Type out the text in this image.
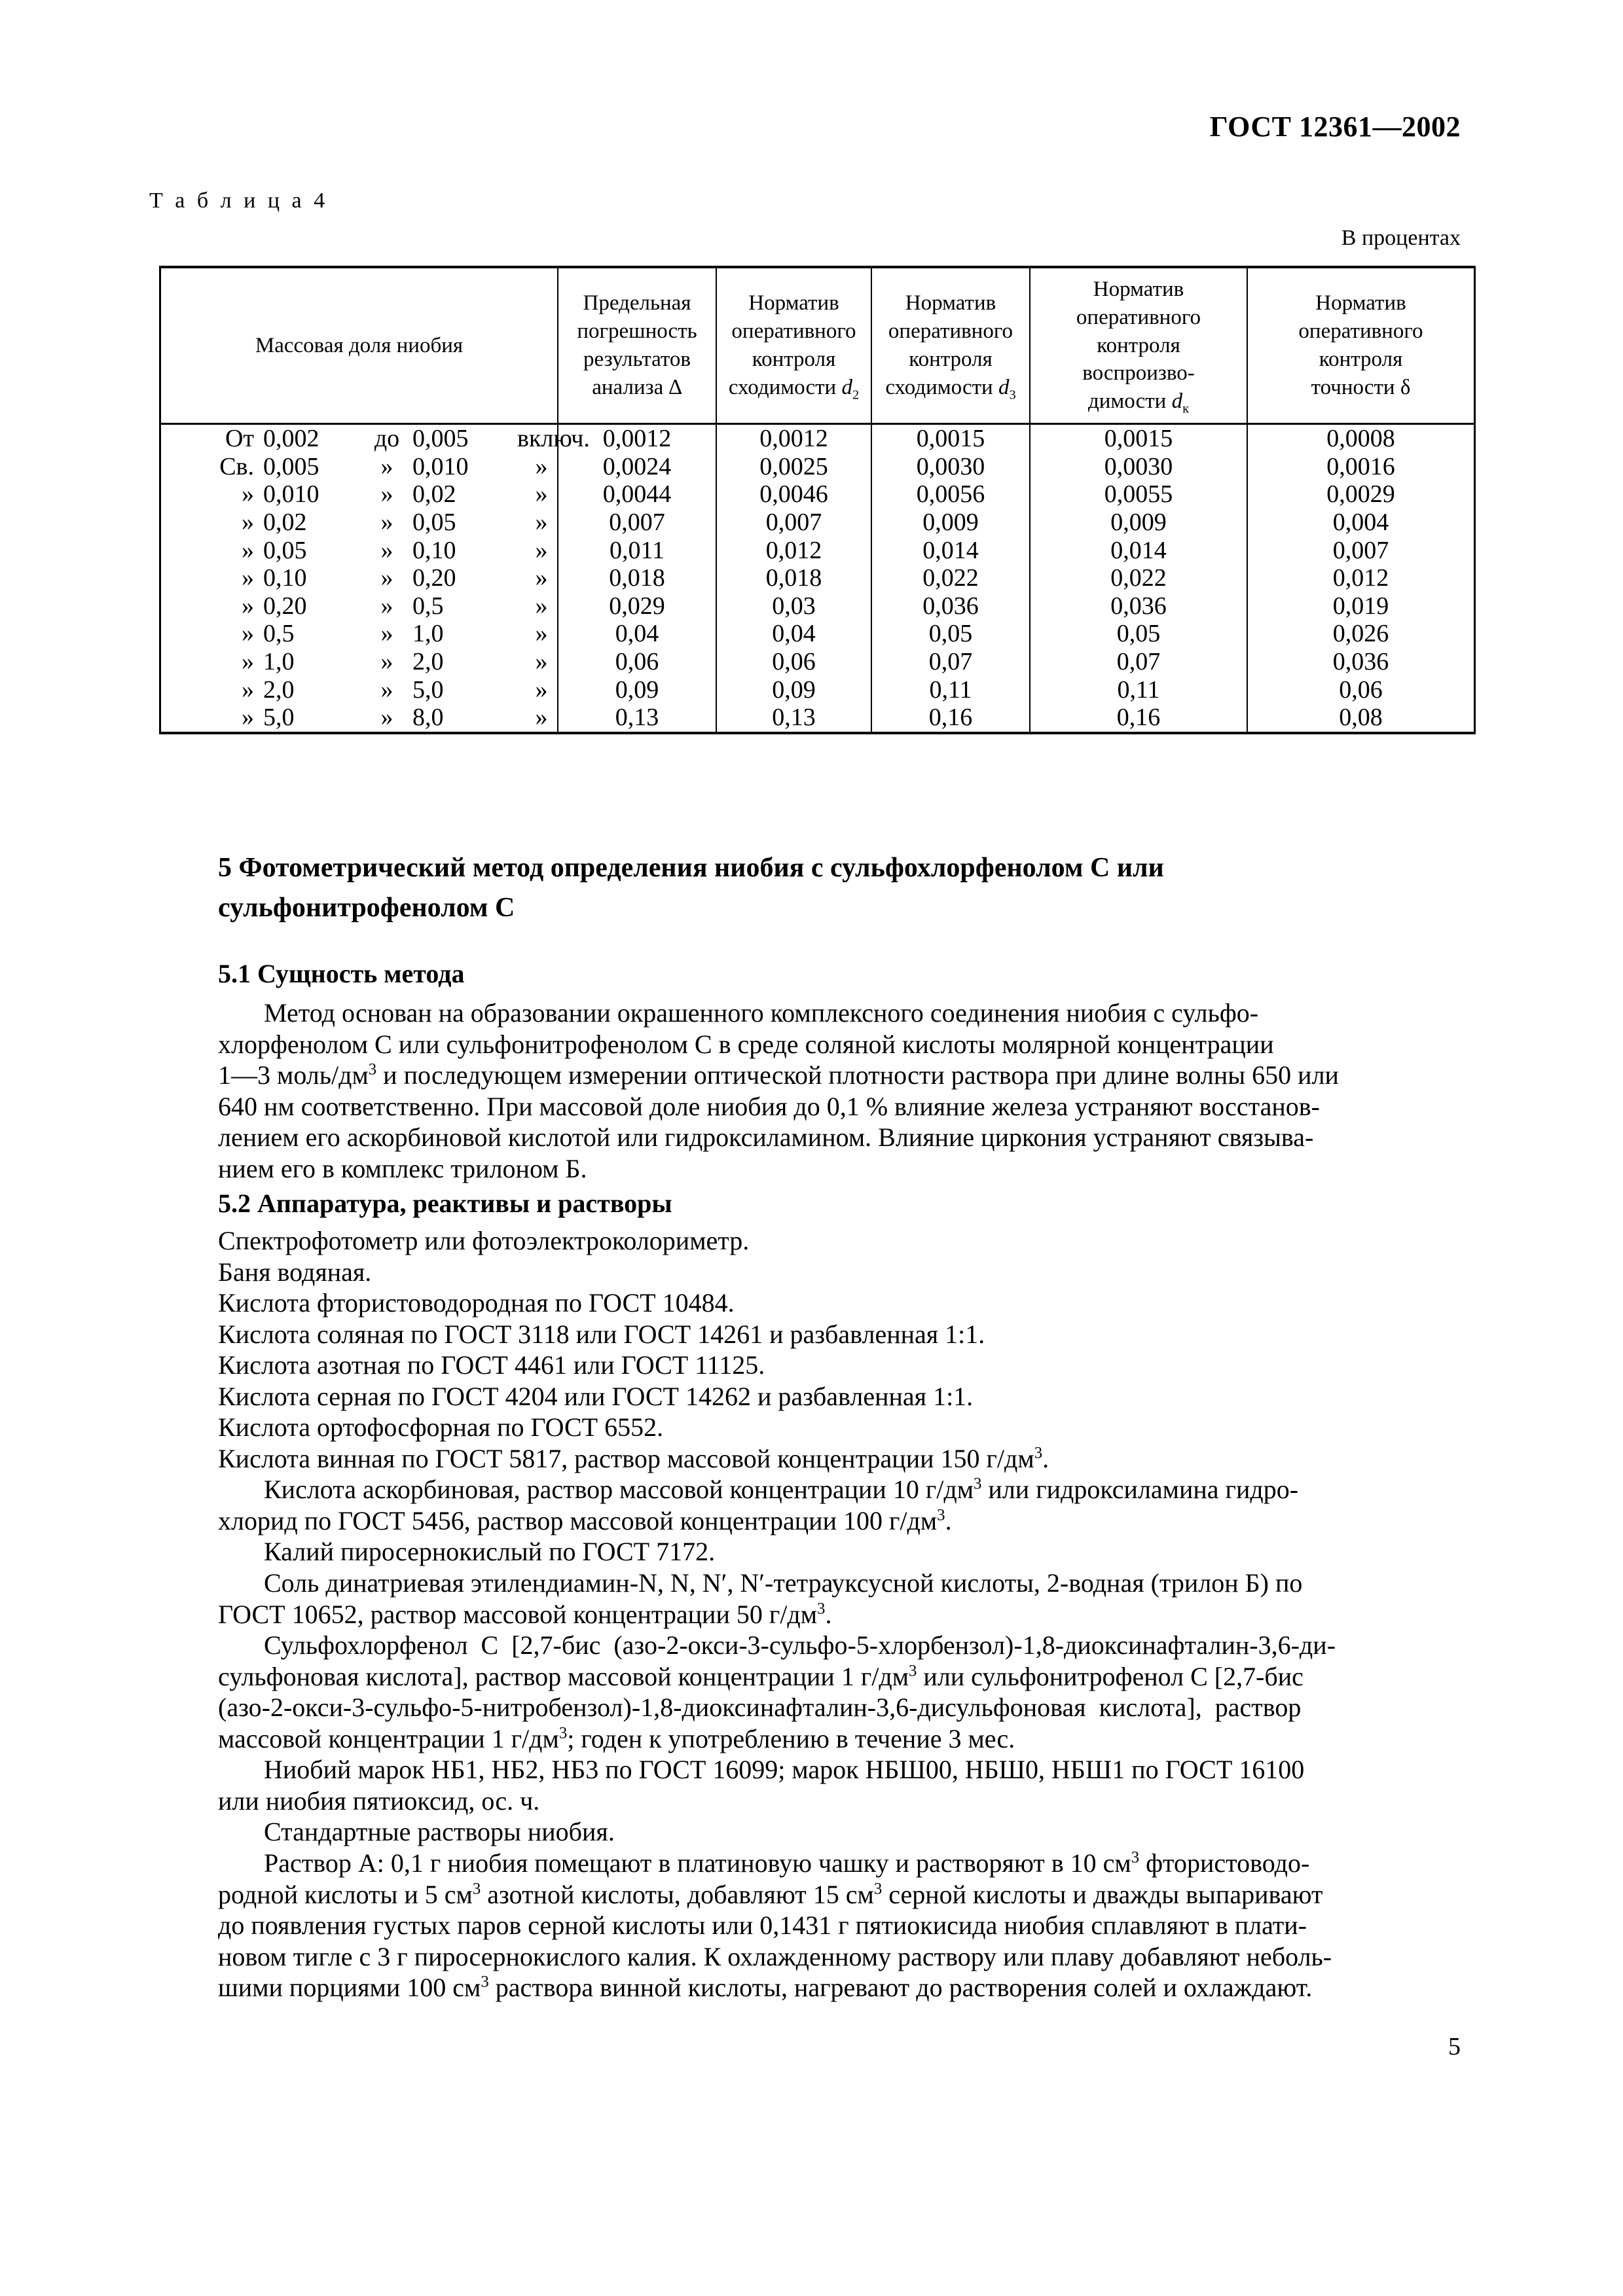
ГОСТ 12361—2002
Т а б л и ц а 4
В процентах
Массовая доля ниобия	Предельная
погрешность
результатов
анализа ∆	Норматив
оперативного
контроля
сходимости $d_2$	Норматив
оперативного
контроля
сходимости $d_3$	Норматив
оперативного
контроля
воспроизво-
димости $d_к$	Норматив
оперативного
контроля
точности δ

От 0,002 до 0,005 включ.	0,0012	0,0012	0,0015	0,0015	0,0008

Св. 0,005 » 0,010 »	0,0024	0,0025	0,0030	0,0030	0,0016

» 0,010 » 0,02 »	0,0044	0,0046	0,0056	0,0055	0,0029

» 0,02 » 0,05 »	0,007	0,007	0,009	0,009	0,004

» 0,05 » 0,10 »	0,011	0,012	0,014	0,014	0,007

» 0,10 » 0,20 »	0,018	0,018	0,022	0,022	0,012

» 0,20 » 0,5 »	0,029	0,03	0,036	0,036	0,019

» 0,5 » 1,0 »	0,04	0,04	0,05	0,05	0,026

» 1,0 » 2,0 »	0,06	0,06	0,07	0,07	0,036

» 2,0 » 5,0 »	0,09	0,09	0,11	0,11	0,06

» 5,0 » 8,0 »	0,13	0,13	0,16	0,16	0,08
5 Фотометрический метод определения ниобия с сульфохлорфенолом С или
сульфонитрофенолом С
5.1 Сущность метода
Метод основан на образовании окрашенного комплексного соединения ниобия с сульфо-
хлорфенолом С или сульфонитрофенолом С в среде соляной кислоты молярной концентрации
1—3 моль/$дм^3$ и последующем измерении оптической плотности раствора при длине волны 650 или
640 нм соответственно. При массовой доле ниобия до 0,1 % влияние железа устраняют восстанов-
лением его аскорбиновой кислотой или гидроксиламином. Влияние циркония устраняют связыва-
нием его в комплекс трилоном Б.
5.2 Аппаратура, реактивы и растворы
Спектрофотометр или фотоэлектроколориметр.
Баня водяная.
Кислота фтористоводородная по ГОСТ 10484.
Кислота соляная по ГОСТ 3118 или ГОСТ 14261 и разбавленная 1:1.
Кислота азотная по ГОСТ 4461 или ГОСТ 11125.
Кислота серная по ГОСТ 4204 или ГОСТ 14262 и разбавленная 1:1.
Кислота ортофосфорная по ГОСТ 6552.
Кислота винная по ГОСТ 5817, раствор массовой концентрации 150 $г/дм^3$.
Кислота аскорбиновая, раствор массовой концентрации 10 $г/дм^3$ или гидроксиламина гидро-
хлорид по ГОСТ 5456, раствор массовой концентрации 100 $г/дм^3$.
Калий пиросернокислый по ГОСТ 7172.
Соль динатриевая этилендиамин-N, N, N′, N′-тетрауксусной кислоты, 2-водная (трилон Б) по
ГОСТ 10652, раствор массовой концентрации 50 $г/дм^3$.
Сульфохлорфенол  С  [2,7-бис  (азо-2-окси-3-сульфо-5-хлорбензол)-1,8-диоксинафталин-3,6-ди-
сульфоновая кислота], раствор массовой концентрации 1 $г/дм^3$ или сульфонитрофенол С [2,7-бис
(азо-2-окси-3-сульфо-5-нитробензол)-1,8-диоксинафталин-3,6-дисульфоновая  кислота],  раствор
массовой концентрации 1 $г/дм^3$; годен к употреблению в течение 3 мес.
Ниобий марок НБ1, НБ2, НБ3 по ГОСТ 16099; марок НБШ00, НБШ0, НБШ1 по ГОСТ 16100
или ниобия пятиоксид, ос. ч.
Стандартные растворы ниобия.
Раствор А: 0,1 г ниобия помещают в платиновую чашку и растворяют в 10 $см^3$ фтористоводо-
родной кислоты и 5 $см^3$ азотной кислоты, добавляют 15 $см^3$ серной кислоты и дважды выпаривают
до появления густых паров серной кислоты или 0,1431 г пятиокисида ниобия сплавляют в плати-
новом тигле с 3 г пиросернокислого калия. К охлажденному раствору или плаву добавляют неболь-
шими порциями 100 $см^3$ раствора винной кислоты, нагревают до растворения солей и охлаждают.
5
